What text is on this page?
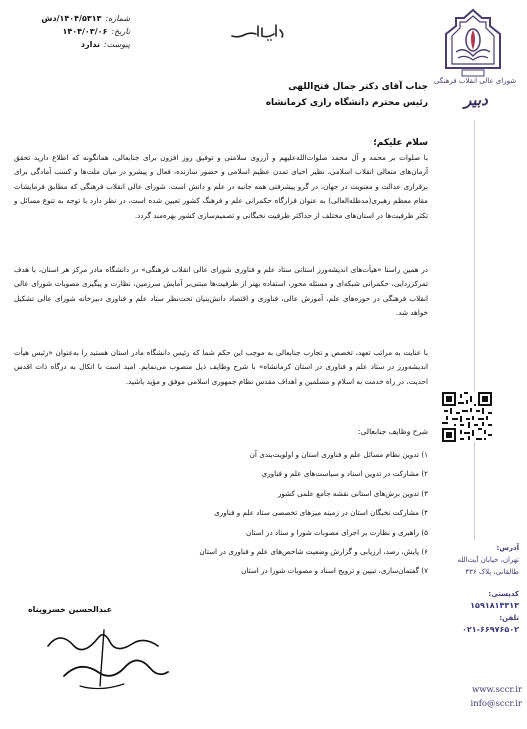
شماره:
۱۴۰۴/۵۳۱۳/دش
تاریخ:
۱۴۰۴/۰۳/۰۶
پیوست:
ندارد
شورای عالی انقلاب فرهنگی
دبیر
جناب آقای دکتر جمال فتح‌اللهی
رئیس محترم دانشگاه رازی کرمانشاه
سلام علیکم؛
با صلوات بر محمد و آل محمد صلوات‌الله‌علیهم و آرزوی سلامتی و توفیق روز افزون برای جنابعالی، همانگونه که اطلاع دارید تحقق آرمان‌های متعالی انقلاب اسلامی، نظیر احیای تمدن عظیم اسلامی و حضور سازنده، فعال و پیشرو در میان ملت‌ها و کسب آمادگی برای برقراری عدالت و معنویت در جهان، در گرو پیشرفتی همه جانبه در علم و دانش است. شورای عالی انقلاب فرهنگی که مطابق فرمایشات مقام معظم رهبری(مدظله‌العالی) به عنوان قرارگاه حکمرانی علم و فرهنگ کشور تعیین شده است، در نظر دارد با توجه به تنوع مسائل و تکثر ظرفیت‌ها در استان‌های مختلف از حداکثر ظرفیت نخبگانی و تصمیم‌سازی کشور بهره‌مند گردد.
در همین راستا «هیأت‌های اندیشه‌ورز استانی ستاد علم و فناوری شورای عالی انقلاب فرهنگی» در دانشگاه مادر مرکز هر استان، با هدف تمرکززدایی، حکمرانی شبکه‌ای و مسئله محور، استفاده بهتر از ظرفیت‌ها مبتنی‌بر آمایش سرزمین، نظارت و پیگیری مصوبات شورای عالی انقلاب فرهنگی در حوزه‌های علم، آموزش عالی، فناوری و اقتصاد دانش‌بنیان تحت‌نظر ستاد علم و فناوری دبیرخانه شورای عالی تشکیل خواهد شد.
با عنایت به مراتب تعهد، تخصص و تجارب جنابعالی به موجب این حکم شما که رئیس دانشگاه مادر استان هستید را به‌عنوان «رئیس هیأت اندیشه‌ورز در ستاد علم و فناوری در استان کرمانشاه» با شرح وظایف ذیل منصوب می‌نمایم. امید است با اتکال به درگاه ذات اقدس احدیت، در راه خدمت به اسلام و مسلمین و اهداف مقدس نظام جمهوری اسلامی موفق و مؤید باشید.
شرح وظایف جنابعالی:
۱) تدوین نظام مسائل علم و فناوری استان و اولویت‌بندی آن
۲) مشارکت در تدوین اسناد و سیاست‌های علم و فناوری
۳) تدوین برش‌های استانی نقشه جامع علمی کشور
۴) مشارکت نخبگان استان در زمینه میزهای تخصصی ستاد علم و فناوری
۵) راهبری و نظارت بر اجرای مصوبات شورا و ستاد در استان
۶) پایش، رصد، ارزیابی و گزارش وضعیت شاخص‌های علم و فناوری در استان
۷) گفتمان‌سازی، تبیین و ترویج اسناد و مصوبات شورا در استان
عبدالحسین خسروپناه
آدرس:
تهران، خیابان آیت‌الله
طالقانی، پلاک ۴۳۶
کدپستی:
۱۵۹۱۸۱۴۳۱۳
تلفن:
۰۲۱-۶۶۹۷۶۵۰۲
www.sccr.ir
info@sccr.ir
